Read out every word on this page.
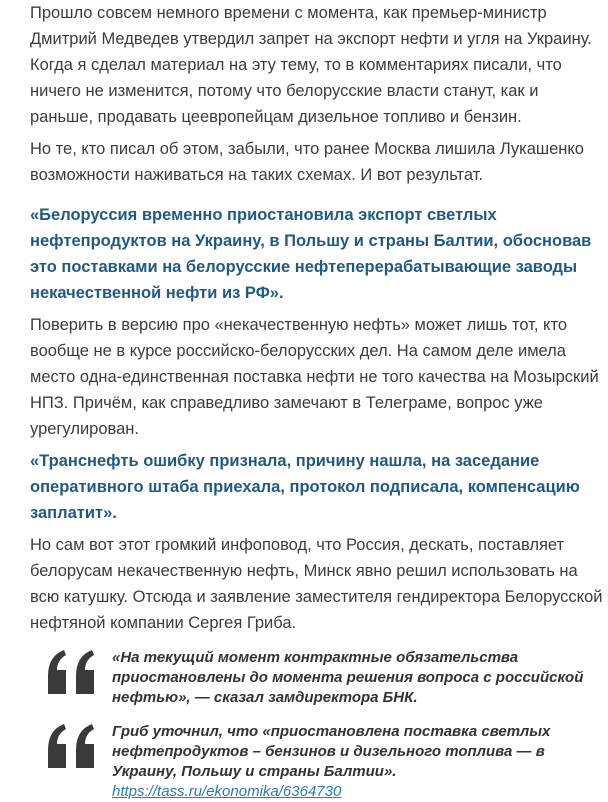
Прошло совсем немного времени с момента, как премьер-министр Дмитрий Медведев утвердил запрет на экспорт нефти и угля на Украину. Когда я сделал материал на эту тему, то в комментариях писали, что ничего не изменится, потому что белорусские власти станут, как и раньше, продавать цеевропейцам дизельное топливо и бензин.

Но те, кто писал об этом, забыли, что ранее Москва лишила Лукашенко возможности наживаться на таких схемах. И вот результат.

«Белоруссия временно приостановила экспорт светлых нефтепродуктов на Украину, в Польшу и страны Балтии, обосновав это поставками на белорусские нефтеперерабатывающие заводы некачественной нефти из РФ».

Поверить в версию про «некачественную нефть» может лишь тот, кто вообще не в курсе российско-белорусских дел. На самом деле имела место одна-единственная поставка нефти не того качества на Мозырский НПЗ. Причём, как справедливо замечают в Телеграме, вопрос уже урегулирован.

«Транснефть ошибку признала, причину нашла, на заседание оперативного штаба приехала, протокол подписала, компенсацию заплатит».

Но сам вот этот громкий инфоповод, что Россия, дескать, поставляет белорусам некачественную нефть, Минск явно решил использовать на всю катушку. Отсюда и заявление заместителя гендиректора Белорусской нефтяной компании Сергея Гриба.

«На текущий момент контрактные обязательства приостановлены до момента решения вопроса с российской нефтью», — сказал замдиректора БНК.

Гриб уточнил, что «приостановлена поставка светлых нефтепродуктов – бензинов и дизельного топлива — в Украину, Польшу и страны Балтии». https://tass.ru/ekonomika/6364730
